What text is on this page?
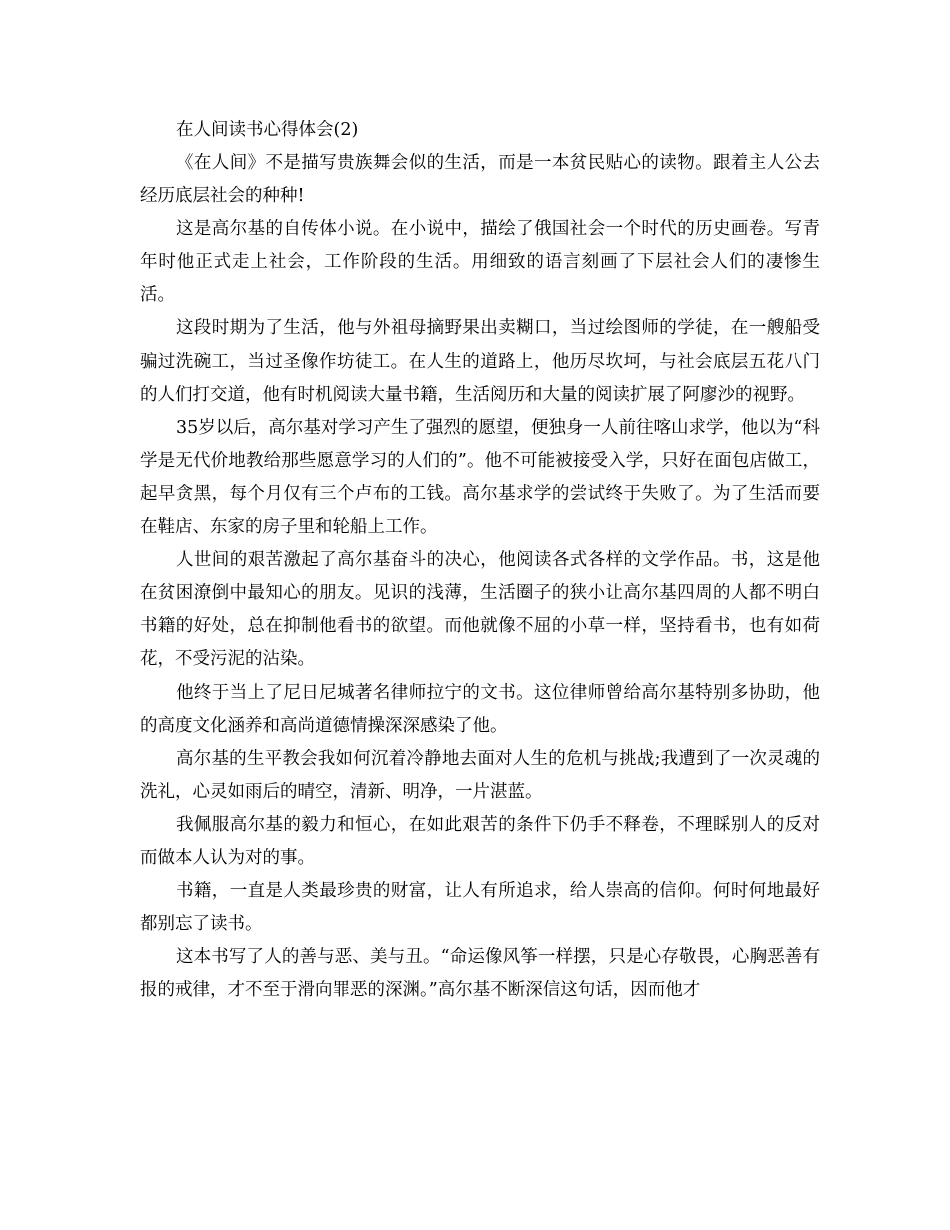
在人间读书心得体会(2)

《在人间》不是描写贵族舞会似的生活，而是一本贫民贴心的读物。跟着主人公去经历底层社会的种种!

这是高尔基的自传体小说。在小说中，描绘了俄国社会一个时代的历史画卷。写青年时他正式走上社会，工作阶段的生活。用细致的语言刻画了下层社会人们的凄惨生活。

这段时期为了生活，他与外祖母摘野果出卖糊口，当过绘图师的学徒，在一艘船受骗过洗碗工，当过圣像作坊徒工。在人生的道路上，他历尽坎坷，与社会底层五花八门的人们打交道，他有时机阅读大量书籍，生活阅历和大量的阅读扩展了阿廖沙的视野。

35岁以后，高尔基对学习产生了强烈的愿望，便独身一人前往喀山求学，他以为“科学是无代价地教给那些愿意学习的人们的”。他不可能被接受入学，只好在面包店做工，起早贪黑，每个月仅有三个卢布的工钱。高尔基求学的尝试终于失败了。为了生活而要在鞋店、东家的房子里和轮船上工作。

人世间的艰苦激起了高尔基奋斗的决心，他阅读各式各样的文学作品。书，这是他在贫困潦倒中最知心的朋友。见识的浅薄，生活圈子的狭小让高尔基四周的人都不明白书籍的好处，总在抑制他看书的欲望。而他就像不屈的小草一样，坚持看书，也有如荷花，不受污泥的沾染。

他终于当上了尼日尼城著名律师拉宁的文书。这位律师曾给高尔基特别多协助，他的高度文化涵养和高尚道德情操深深感染了他。

高尔基的生平教会我如何沉着冷静地去面对人生的危机与挑战;我遭到了一次灵魂的洗礼，心灵如雨后的晴空，清新、明净，一片湛蓝。

我佩服高尔基的毅力和恒心，在如此艰苦的条件下仍手不释卷，不理睬别人的反对而做本人认为对的事。

书籍，一直是人类最珍贵的财富，让人有所追求，给人崇高的信仰。何时何地最好都别忘了读书。

这本书写了人的善与恶、美与丑。“命运像风筝一样摆，只是心存敬畏，心胸恶善有报的戒律，才不至于滑向罪恶的深渊。”高尔基不断深信这句话，因而他才
